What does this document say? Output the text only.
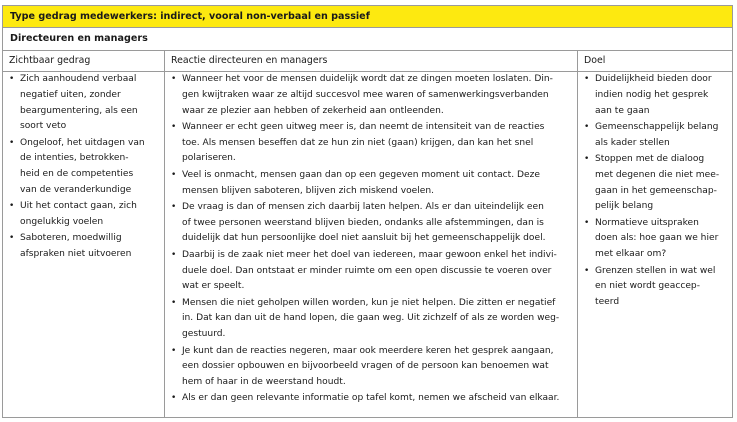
Type gedrag medewerkers: indirect, vooral non-verbaal en passief
Directeuren en managers
Zichtbaar gedrag	Reactie directeuren en managers	Doel
• Zich aanhoudend verbaal
negatief uiten, zonder
beargumentering, als een
soort veto
• Ongeloof, het uitdagen van
de intenties, betrokken-
heid en de competenties
van de veranderkundige
• Uit het contact gaan, zich
ongelukkig voelen
• Saboteren, moedwillig
afspraken niet uitvoeren
• Wanneer het voor de mensen duidelijk wordt dat ze dingen moeten loslaten. Din-
gen kwijtraken waar ze altijd succesvol mee waren of samenwerkingsverbanden
waar ze plezier aan hebben of zekerheid aan ontleenden.
• Wanneer er echt geen uitweg meer is, dan neemt de intensiteit van de reacties
toe. Als mensen beseffen dat ze hun zin niet (gaan) krijgen, dan kan het snel
polariseren.
• Veel is onmacht, mensen gaan dan op een gegeven moment uit contact. Deze
mensen blijven saboteren, blijven zich miskend voelen.
• De vraag is dan of mensen zich daarbij laten helpen. Als er dan uiteindelijk een
of twee personen weerstand blijven bieden, ondanks alle afstemmingen, dan is
duidelijk dat hun persoonlijke doel niet aansluit bij het gemeenschappelijk doel.
• Daarbij is de zaak niet meer het doel van iedereen, maar gewoon enkel het indivi-
duele doel. Dan ontstaat er minder ruimte om een open discussie te voeren over
wat er speelt.
• Mensen die niet geholpen willen worden, kun je niet helpen. Die zitten er negatief
in. Dat kan dan uit de hand lopen, die gaan weg. Uit zichzelf of als ze worden weg-
gestuurd.
• Je kunt dan de reacties negeren, maar ook meerdere keren het gesprek aangaan,
een dossier opbouwen en bijvoorbeeld vragen of de persoon kan benoemen wat
hem of haar in de weerstand houdt.
• Als er dan geen relevante informatie op tafel komt, nemen we afscheid van elkaar.
• Duidelijkheid bieden door
indien nodig het gesprek
aan te gaan
• Gemeenschappelijk belang
als kader stellen
• Stoppen met de dialoog
met degenen die niet mee-
gaan in het gemeenschap-
pelijk belang
• Normatieve uitspraken
doen als: hoe gaan we hier
met elkaar om?
• Grenzen stellen in wat wel
en niet wordt geaccep-
teerd
